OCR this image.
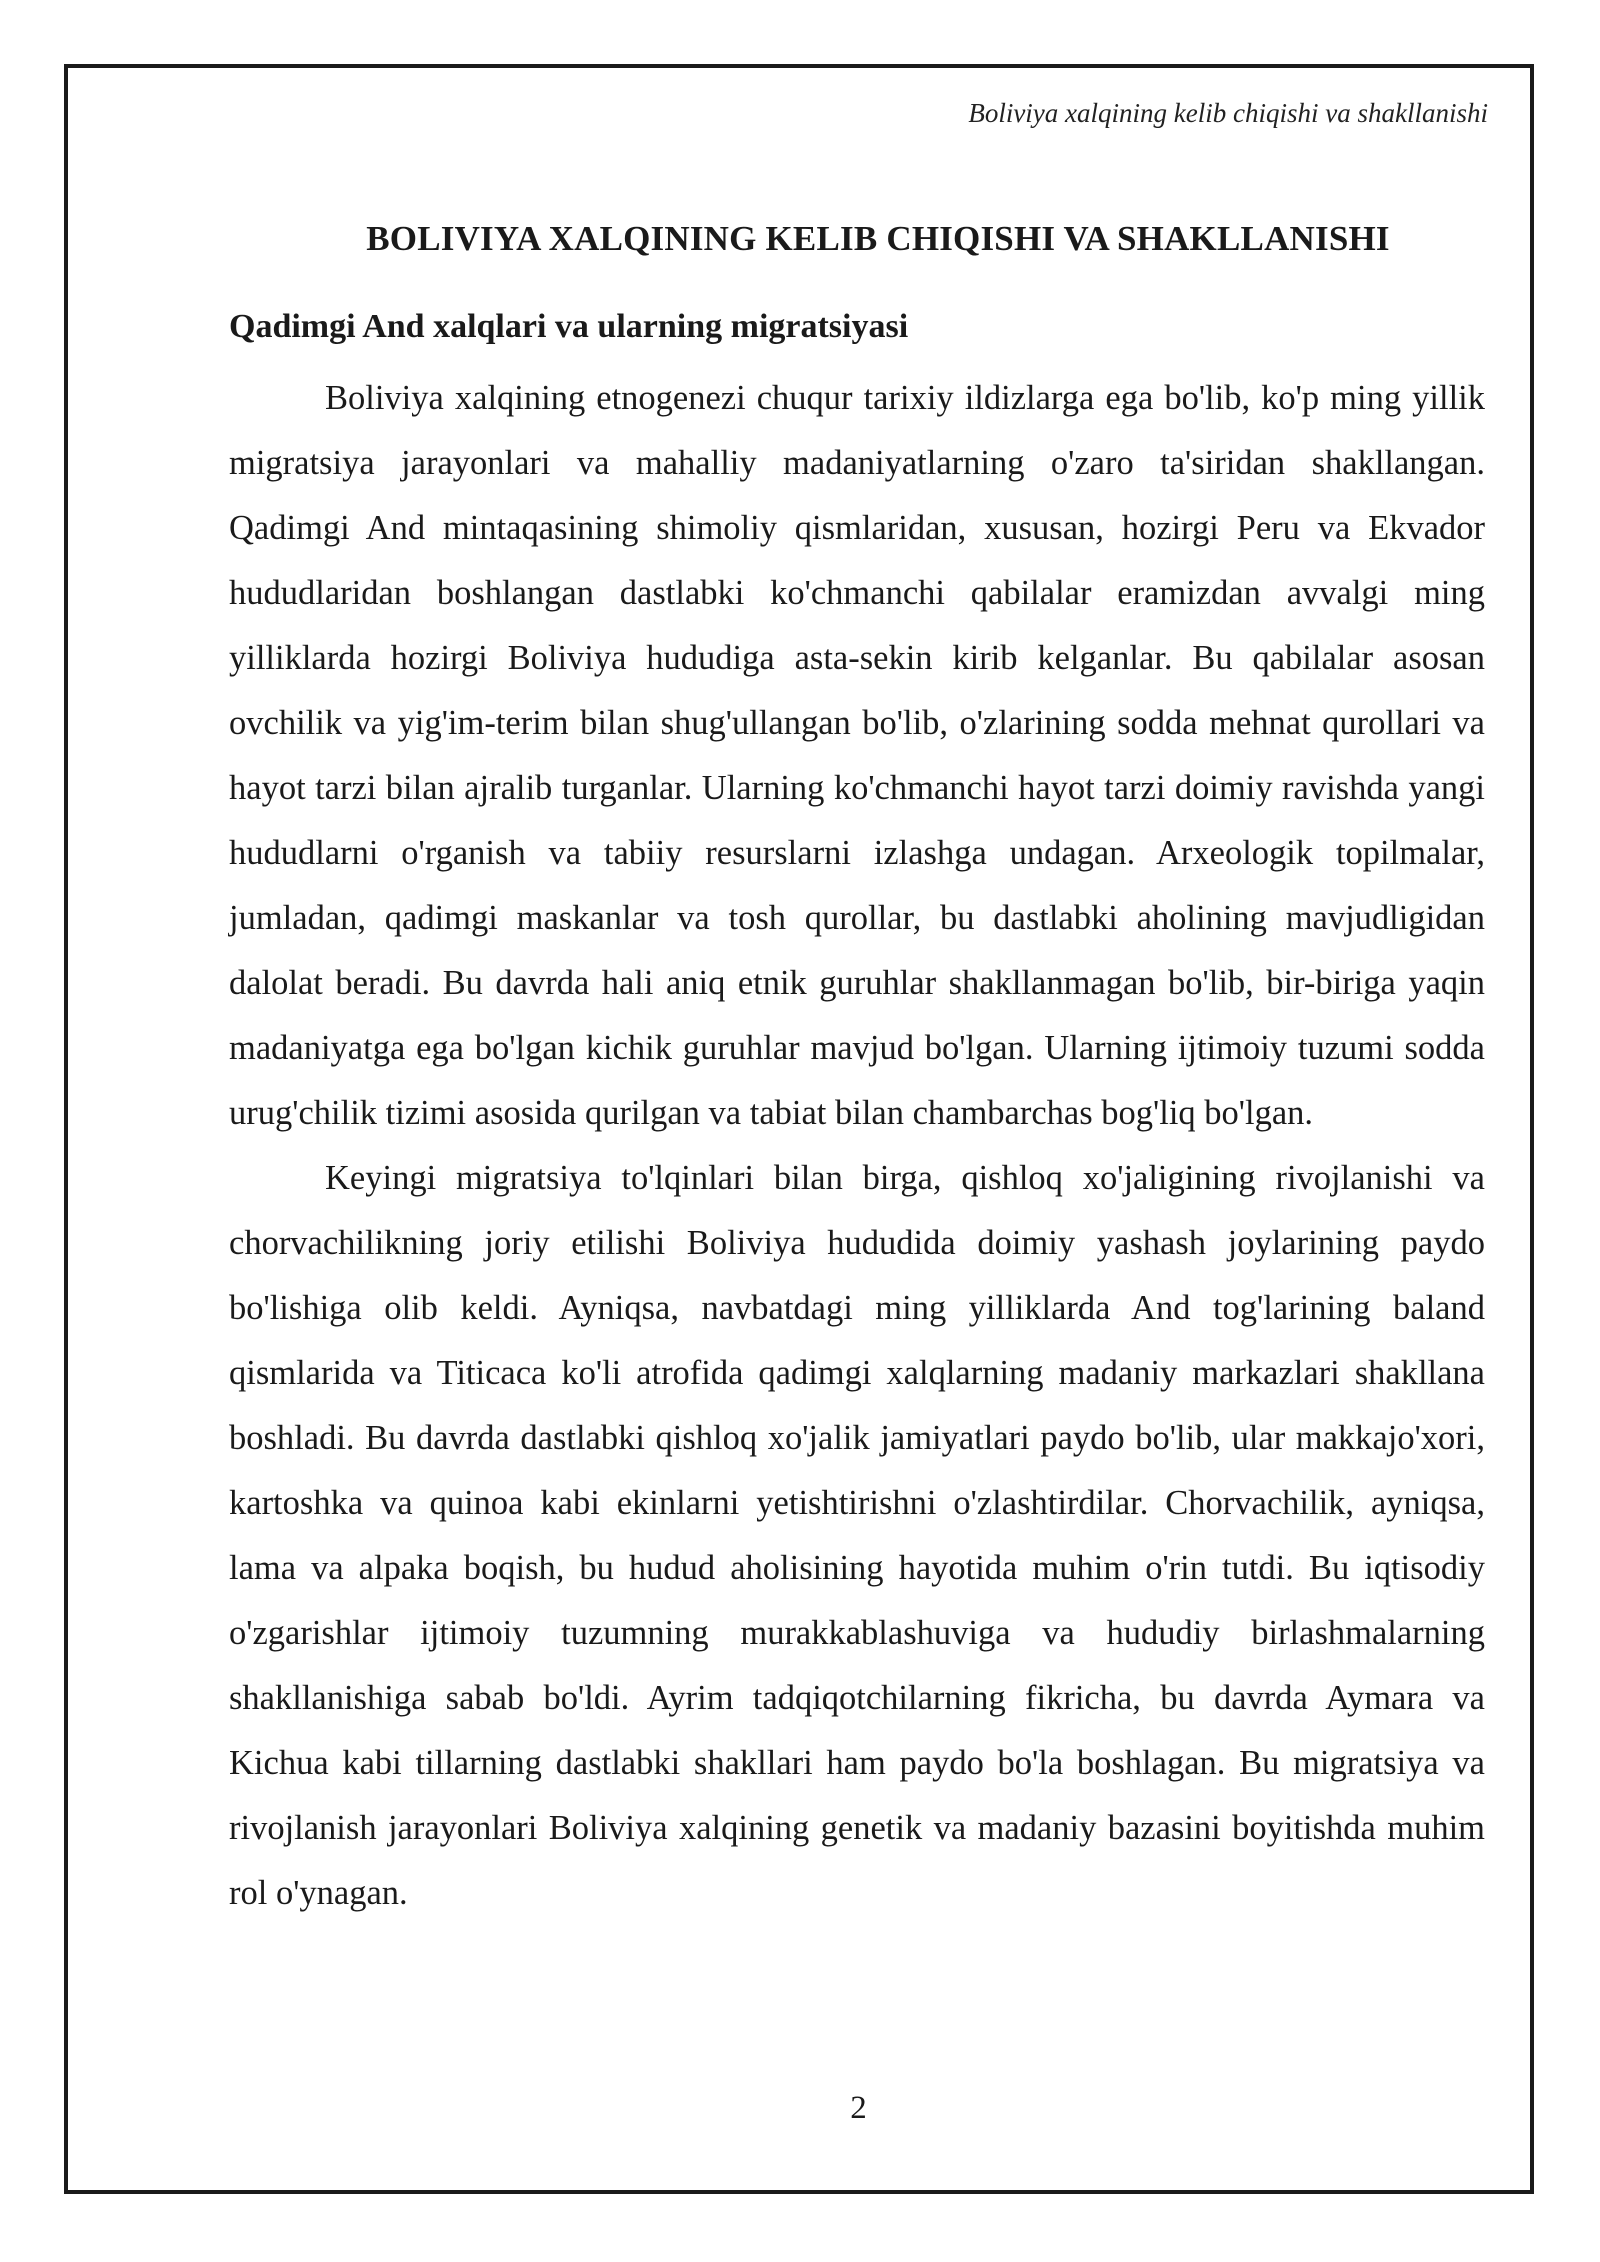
Boliviya xalqining kelib chiqishi va shakllanishi
BOLIVIYA XALQINING KELIB CHIQISHI VA SHAKLLANISHI
Qadimgi And xalqlari va ularning migratsiyasi

Boliviya xalqining etnogenezi chuqur tarixiy ildizlarga ega bo'lib, ko'p ming yillik migratsiya jarayonlari va mahalliy madaniyatlarning o'zaro ta'siridan shakllangan. Qadimgi And mintaqasining shimoliy qismlaridan, xususan, hozirgi Peru va Ekvador hududlaridan boshlangan dastlabki ko'chmanchi qabilalar eramizdan avvalgi ming yilliklarda hozirgi Boliviya hududiga asta-sekin kirib kelganlar. Bu qabilalar asosan ovchilik va yig'im-terim bilan shug'ullangan bo'lib, o'zlarining sodda mehnat qurollari va hayot tarzi bilan ajralib turganlar. Ularning ko'chmanchi hayot tarzi doimiy ravishda yangi hududlarni o'rganish va tabiiy resurslarni izlashga undagan. Arxeologik topilmalar, jumladan, qadimgi maskanlar va tosh qurollar, bu dastlabki aholining mavjudligidan dalolat beradi. Bu davrda hali aniq etnik guruhlar shakllanmagan bo'lib, bir-biriga yaqin madaniyatga ega bo'lgan kichik guruhlar mavjud bo'lgan. Ularning ijtimoiy tuzumi sodda urug'chilik tizimi asosida qurilgan va tabiat bilan chambarchas bog'liq bo'lgan.

Keyingi migratsiya to'lqinlari bilan birga, qishloq xo'jaligining rivojlanishi va chorvachilikning joriy etilishi Boliviya hududida doimiy yashash joylarining paydo bo'lishiga olib keldi. Ayniqsa, navbatdagi ming yilliklarda And tog'larining baland qismlarida va Titicaca ko'li atrofida qadimgi xalqlarning madaniy markazlari shakllana boshladi. Bu davrda dastlabki qishloq xo'jalik jamiyatlari paydo bo'lib, ular makkajo'xori, kartoshka va quinoa kabi ekinlarni yetishtirishni o'zlashtirdilar. Chorvachilik, ayniqsa, lama va alpaka boqish, bu hudud aholisining hayotida muhim o'rin tutdi. Bu iqtisodiy o'zgarishlar ijtimoiy tuzumning murakkablashuviga va hududiy birlashmalarning shakllanishiga sabab bo'ldi. Ayrim tadqiqotchilarning fikricha, bu davrda Aymara va Kichua kabi tillarning dastlabki shakllari ham paydo bo'la boshlagan. Bu migratsiya va rivojlanish jarayonlari Boliviya xalqining genetik va madaniy bazasini boyitishda muhim rol o'ynagan.

2
